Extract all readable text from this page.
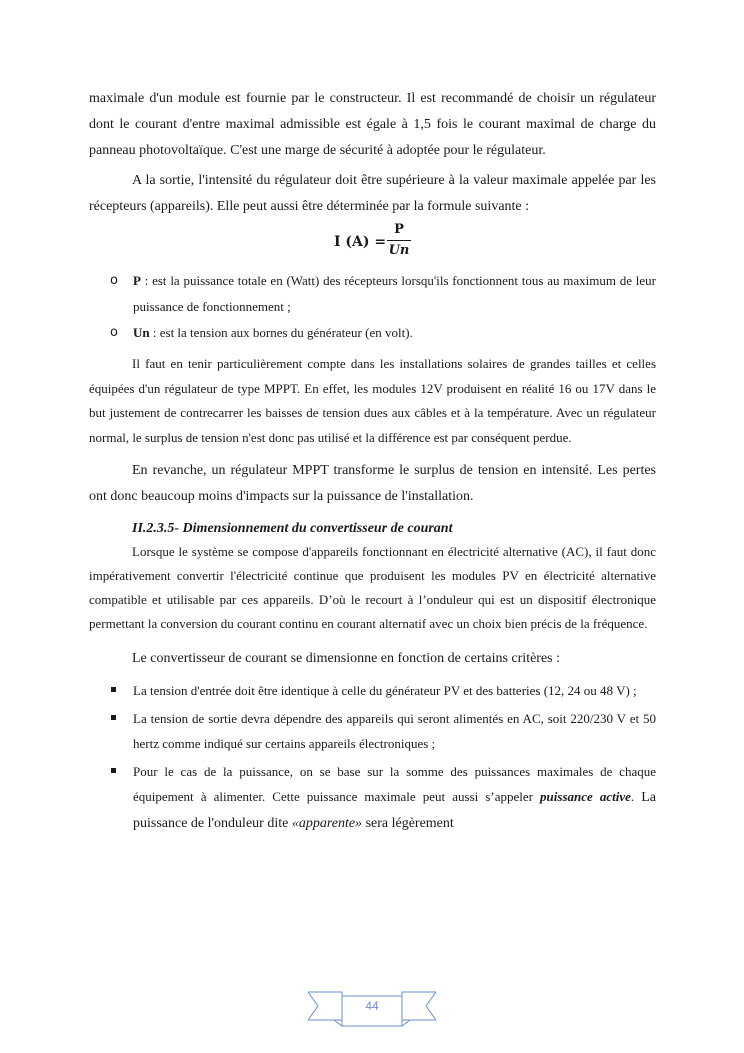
maximale d'un module est fournie par le constructeur. Il est recommandé de choisir un régulateur dont le courant d'entre maximal admissible est égale à 1,5 fois le courant maximal de charge du panneau photovoltaïque. C'est une marge de sécurité à adoptée pour le régulateur.

A la sortie, l'intensité du régulateur doit être supérieure à la valeur maximale appelée par les récepteurs (appareils). Elle peut aussi être déterminée par la formule suivante :

I (A) =
P
Un
o P : est la puissance totale en (Watt) des récepteurs lorsqu'ils fonctionnent tous au maximum de leur puissance de fonctionnement ;
o Un : est la tension aux bornes du générateur (en volt).

Il faut en tenir particulièrement compte dans les installations solaires de grandes tailles et celles équipées d'un régulateur de type MPPT. En effet, les modules 12V produisent en réalité 16 ou 17V dans le but justement de contrecarrer les baisses de tension dues aux câbles et à la température. Avec un régulateur normal, le surplus de tension n'est donc pas utilisé et la différence est par conséquent perdue.

En revanche, un régulateur MPPT transforme le surplus de tension en intensité. Les pertes ont donc beaucoup moins d'impacts sur la puissance de l'installation.

II.2.3.5- Dimensionnement du convertisseur de courant

Lorsque le système se compose d'appareils fonctionnant en électricité alternative (AC), il faut donc impérativement convertir l'électricité continue que produisent les modules PV en électricité alternative compatible et utilisable par ces appareils. D’où le recourt à l’onduleur qui est un dispositif électronique permettant la conversion du courant continu en courant alternatif avec un choix bien précis de la fréquence.

Le convertisseur de courant se dimensionne en fonction de certains critères :

La tension d'entrée doit être identique à celle du générateur PV et des batteries (12, 24 ou 48 V) ;
La tension de sortie devra dépendre des appareils qui seront alimentés en AC, soit 220/230 V et 50 hertz comme indiqué sur certains appareils électroniques ;
Pour le cas de la puissance, on se base sur la somme des puissances maximales de chaque équipement à alimenter. Cette puissance maximale peut aussi s’appeler puissance active. La puissance de l'onduleur dite «apparente» sera légèrement
44
